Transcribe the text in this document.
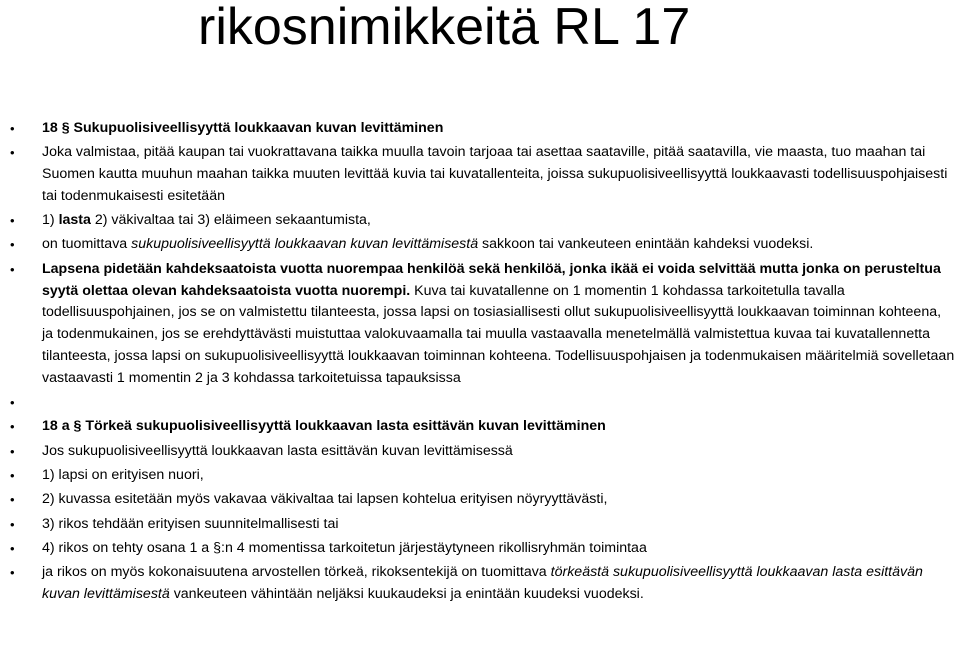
rikosnimikkeitä RL 17
• 18 § Sukupuolisiveellisyyttä loukkaavan kuvan levittäminen
• Joka valmistaa, pitää kaupan tai vuokrattavana taikka muulla tavoin tarjoaa tai asettaa saataville, pitää saatavilla, vie maasta, tuo maahan tai Suomen kautta muuhun maahan taikka muuten levittää kuvia tai kuvatallenteita, joissa sukupuolisiveellisyyttä loukkaavasti todellisuuspohjaisesti tai todenmukaisesti esitetään
• 1) lasta 2) väkivaltaa tai 3) eläimeen sekaantumista,
• on tuomittava sukupuolisiveellisyyttä loukkaavan kuvan levittämisestä sakkoon tai vankeuteen enintään kahdeksi vuodeksi.
• Lapsena pidetään kahdeksaatoista vuotta nuorempaa henkilöä sekä henkilöä, jonka ikää ei voida selvittää mutta jonka on perusteltua syytä olettaa olevan kahdeksaatoista vuotta nuorempi. Kuva tai kuvatallenne on 1 momentin 1 kohdassa tarkoitetulla tavalla todellisuuspohjainen, jos se on valmistettu tilanteesta, jossa lapsi on tosiasiallisesti ollut sukupuolisiveellisyyttä loukkaavan toiminnan kohteena, ja todenmukainen, jos se erehdyttävästi muistuttaa valokuvaamalla tai muulla vastaavalla menetelmällä valmistettua kuvaa tai kuvatallennetta tilanteesta, jossa lapsi on sukupuolisiveellisyyttä loukkaavan toiminnan kohteena. Todellisuuspohjaisen ja todenmukaisen määritelmiä sovelletaan vastaavasti 1 momentin 2 ja 3 kohdassa tarkoitetuissa tapauksissa
•
• 18 a § Törkeä sukupuolisiveellisyyttä loukkaavan lasta esittävän kuvan levittäminen
• Jos sukupuolisiveellisyyttä loukkaavan lasta esittävän kuvan levittämisessä
• 1) lapsi on erityisen nuori,
• 2) kuvassa esitetään myös vakavaa väkivaltaa tai lapsen kohtelua erityisen nöyryyttävästi,
• 3) rikos tehdään erityisen suunnitelmallisesti tai
• 4) rikos on tehty osana 1 a §:n 4 momentissa tarkoitetun järjestäytyneen rikollisryhmän toimintaa
• ja rikos on myös kokonaisuutena arvostellen törkeä, rikoksentekijä on tuomittava törkeästä sukupuolisiveellisyyttä loukkaavan lasta esittävän kuvan levittämisestä vankeuteen vähintään neljäksi kuukaudeksi ja enintään kuudeksi vuodeksi.
